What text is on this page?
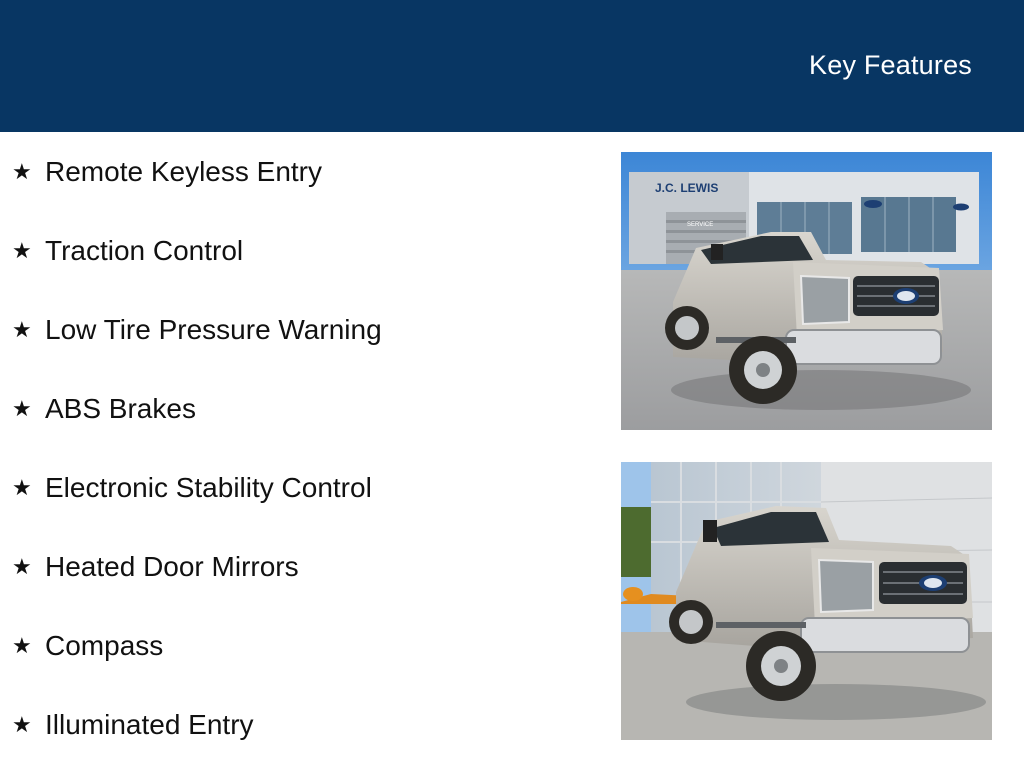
Key Features
★ Remote Keyless Entry
★ Traction Control
★ Low Tire Pressure Warning
★ ABS Brakes
★ Electronic Stability Control
★ Heated Door Mirrors
★ Compass
★ Illuminated Entry
J.C. LEWIS
SERVICE
